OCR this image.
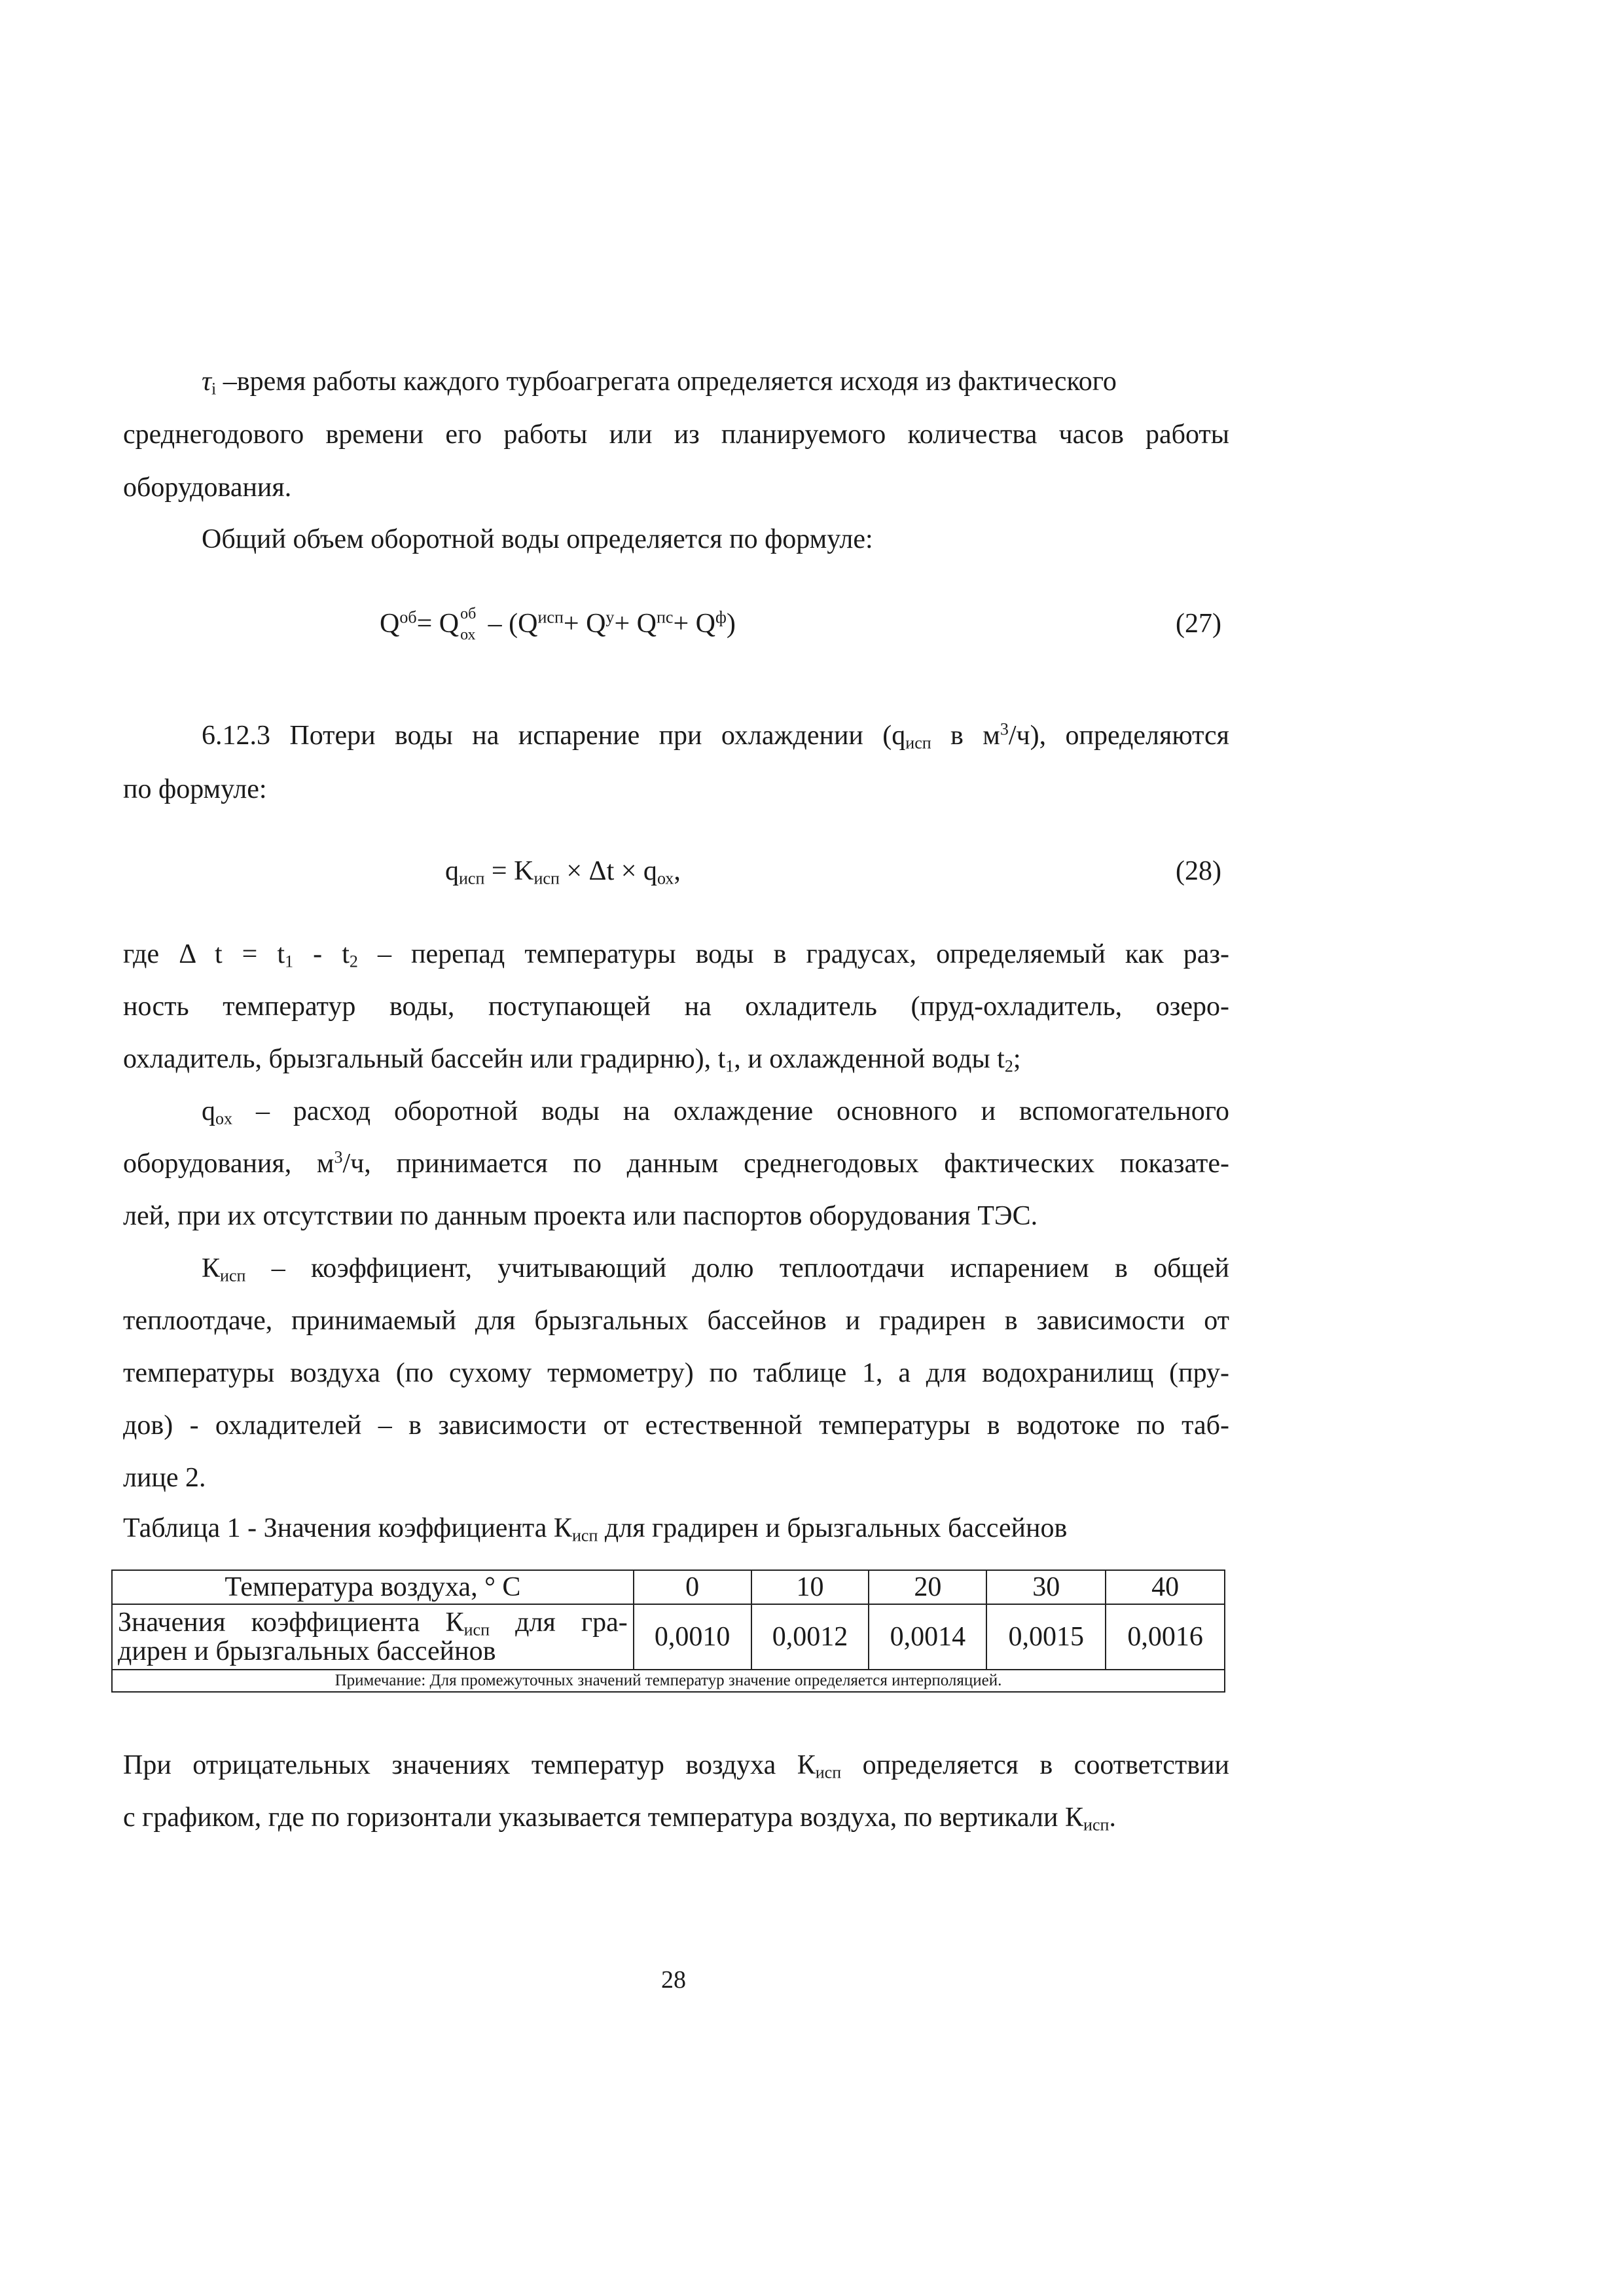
$\tau_i$ –время работы каждого турбоагрегата определяется исходя из фактического
среднегодового времени его работы или из планируемого количества часов работы
оборудования.
Общий объем оборотной воды определяется по формуле:
$Q^{об}= Q$ об
ох – $(Q^{исп}+ Q^у+ Q^{пс}+ Q^ф)$	(27)
6.12.3 Потери воды на испарение при охлаждении ($q_{исп}$ в $м^3/ч$), определяются
по формуле:
$q_{исп} = K_{исп} \times \Delta t \times q_{ох}$,	(28)
где Δ $t = t_1 - t_2$ – перепад температуры воды в градусах, определяемый как раз-
ность температур воды, поступающей на охладитель (пруд-охладитель, озеро-
охладитель, брызгальный бассейн или градирню), $t_1$, и охлажденной воды $t_2$;
$q_{ox}$ – расход оборотной воды на охлаждение основного и вспомогательного
оборудования, $м^3/ч$, принимается по данным среднегодовых фактических показате-
лей, при их отсутствии по данным проекта или паспортов оборудования ТЭС.
$К_{исп}$ – коэффициент, учитывающий долю теплоотдачи испарением в общей
теплоотдаче, принимаемый для брызгальных бассейнов и градирен в зависимости от
температуры воздуха (по сухому термометру) по таблице 1, а для водохранилищ (пру-
дов) - охладителей – в зависимости от естественной температуры в водотоке по таб-
лице 2.
Таблица 1 - Значения коэффициента $К_{исп}$ для градирен и брызгальных бассейнов
Температура воздуха, ° С	0	10	20	30	40

Значения коэффициента $К_{исп}$ для гра-
дирен и брызгальных бассейнов	0,0010	0,0012	0,0014	0,0015	0,0016
Примечание: Для промежуточных значений температур значение определяется интерполяцией.					
При отрицательных значениях температур воздуха $К_{исп}$ определяется в соответствии
с графиком, где по горизонтали указывается температура воздуха, по вертикали $К_{исп}$.
28
